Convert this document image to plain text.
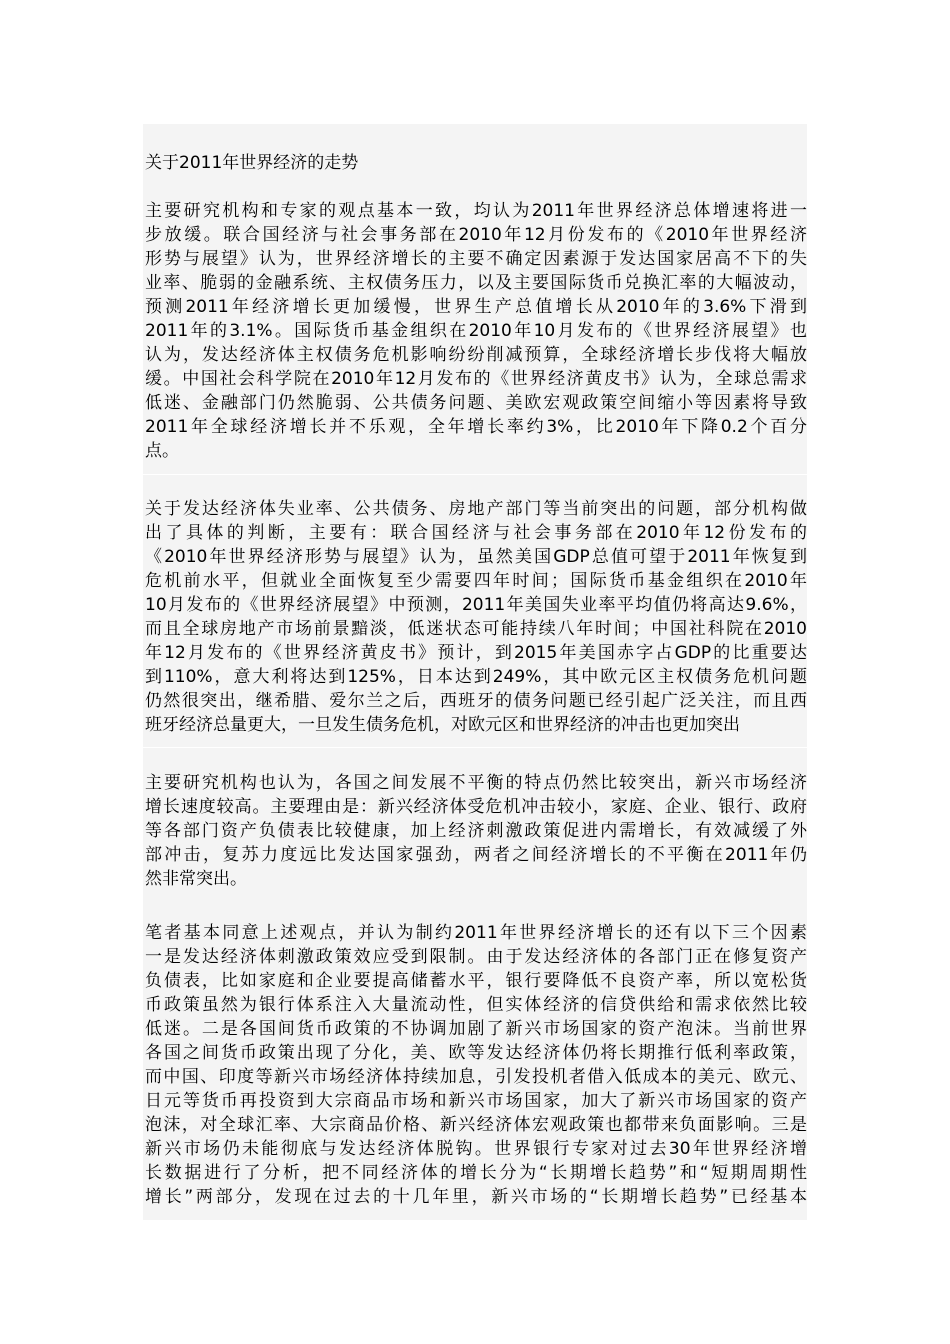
关于2011年世界经济的走势
主要研究机构和专家的观点基本一致，均认为2011年世界经济总体增速将进一
步放缓。联合国经济与社会事务部在2010年12月份发布的《2010年世界经济
形势与展望》认为，世界经济增长的主要不确定因素源于发达国家居高不下的失
业率、脆弱的金融系统、主权债务压力，以及主要国际货币兑换汇率的大幅波动，
预测2011年经济增长更加缓慢，世界生产总值增长从2010年的3.6%下滑到
2011年的3.1%。国际货币基金组织在2010年10月发布的《世界经济展望》也
认为，发达经济体主权债务危机影响纷纷削减预算，全球经济增长步伐将大幅放
缓。中国社会科学院在2010年12月发布的《世界经济黄皮书》认为，全球总需求
低迷、金融部门仍然脆弱、公共债务问题、美欧宏观政策空间缩小等因素将导致
2011年全球经济增长并不乐观，全年增长率约3%，比2010年下降0.2个百分
点。
关于发达经济体失业率、公共债务、房地产部门等当前突出的问题，部分机构做
出了具体的判断，主要有：联合国经济与社会事务部在2010年12份发布的
《2010年世界经济形势与展望》认为，虽然美国GDP总值可望于2011年恢复到
危机前水平，但就业全面恢复至少需要四年时间；国际货币基金组织在2010年
10月发布的《世界经济展望》中预测，2011年美国失业率平均值仍将高达9.6%，
而且全球房地产市场前景黯淡，低迷状态可能持续八年时间；中国社科院在2010
年12月发布的《世界经济黄皮书》预计，到2015年美国赤字占GDP的比重要达
到110%，意大利将达到125%，日本达到249%，其中欧元区主权债务危机问题
仍然很突出，继希腊、爱尔兰之后，西班牙的债务问题已经引起广泛关注，而且西
班牙经济总量更大，一旦发生债务危机，对欧元区和世界经济的冲击也更加突出
主要研究机构也认为，各国之间发展不平衡的特点仍然比较突出，新兴市场经济
增长速度较高。主要理由是：新兴经济体受危机冲击较小，家庭、企业、银行、政府
等各部门资产负债表比较健康，加上经济刺激政策促进内需增长，有效减缓了外
部冲击，复苏力度远比发达国家强劲，两者之间经济增长的不平衡在2011年仍
然非常突出。
笔者基本同意上述观点，并认为制约2011年世界经济增长的还有以下三个因素
一是发达经济体刺激政策效应受到限制。由于发达经济体的各部门正在修复资产
负债表，比如家庭和企业要提高储蓄水平，银行要降低不良资产率，所以宽松货
币政策虽然为银行体系注入大量流动性，但实体经济的信贷供给和需求依然比较
低迷。二是各国间货币政策的不协调加剧了新兴市场国家的资产泡沫。当前世界
各国之间货币政策出现了分化，美、欧等发达经济体仍将长期推行低利率政策，
而中国、印度等新兴市场经济体持续加息，引发投机者借入低成本的美元、欧元、
日元等货币再投资到大宗商品市场和新兴市场国家，加大了新兴市场国家的资产
泡沫，对全球汇率、大宗商品价格、新兴经济体宏观政策也都带来负面影响。三是
新兴市场仍未能彻底与发达经济体脱钩。世界银行专家对过去30年世界经济增
长数据进行了分析，把不同经济体的增长分为“长期增长趋势”和“短期周期性
增长”两部分，发现在过去的十几年里，新兴市场的“长期增长趋势”已经基本
